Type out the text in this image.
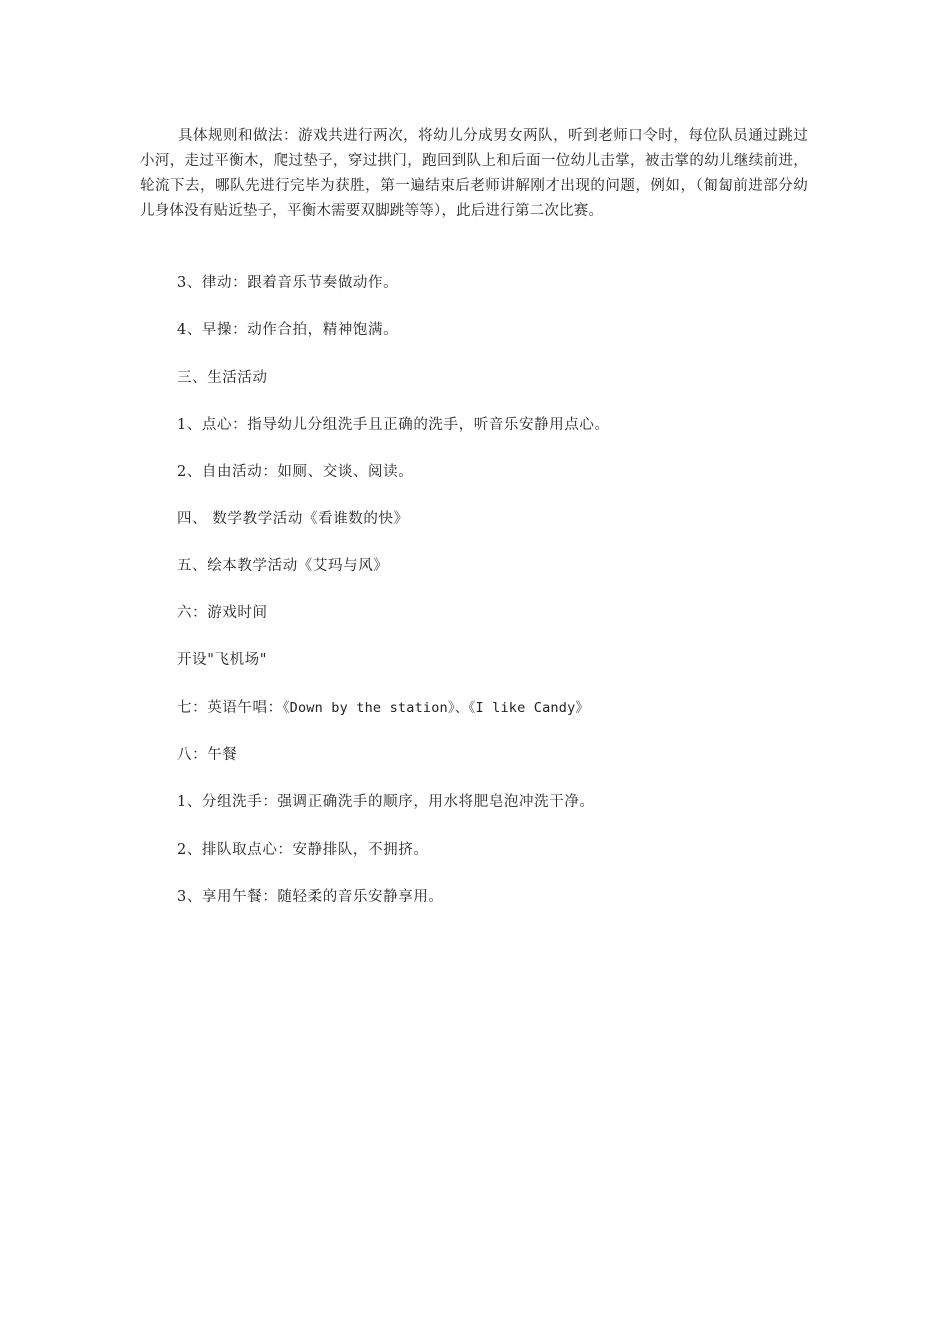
具体规则和做法：游戏共进行两次，将幼儿分成男女两队，听到老师口令时，每位队员通过跳过小河，走过平衡木，爬过垫子，穿过拱门，跑回到队上和后面一位幼儿击掌，被击掌的幼儿继续前进，轮流下去，哪队先进行完毕为获胜，第一遍结束后老师讲解刚才出现的问题，例如，（匍匐前进部分幼儿身体没有贴近垫子，平衡木需要双脚跳等等），此后进行第二次比赛。

3、律动：跟着音乐节奏做动作。

4、早操：动作合拍，精神饱满。

三、生活活动

1、点心：指导幼儿分组洗手且正确的洗手，听音乐安静用点心。

2、自由活动：如厕、交谈、阅读。

四、 数学教学活动《看谁数的快》

五、绘本教学活动《艾玛与风》

六：游戏时间

开设"飞机场"

七：英语午唱：《Down by the station》、《I like Candy》

八：午餐

1、分组洗手：强调正确洗手的顺序，用水将肥皂泡冲洗干净。

2、排队取点心：安静排队，不拥挤。

3、享用午餐：随轻柔的音乐安静享用。
